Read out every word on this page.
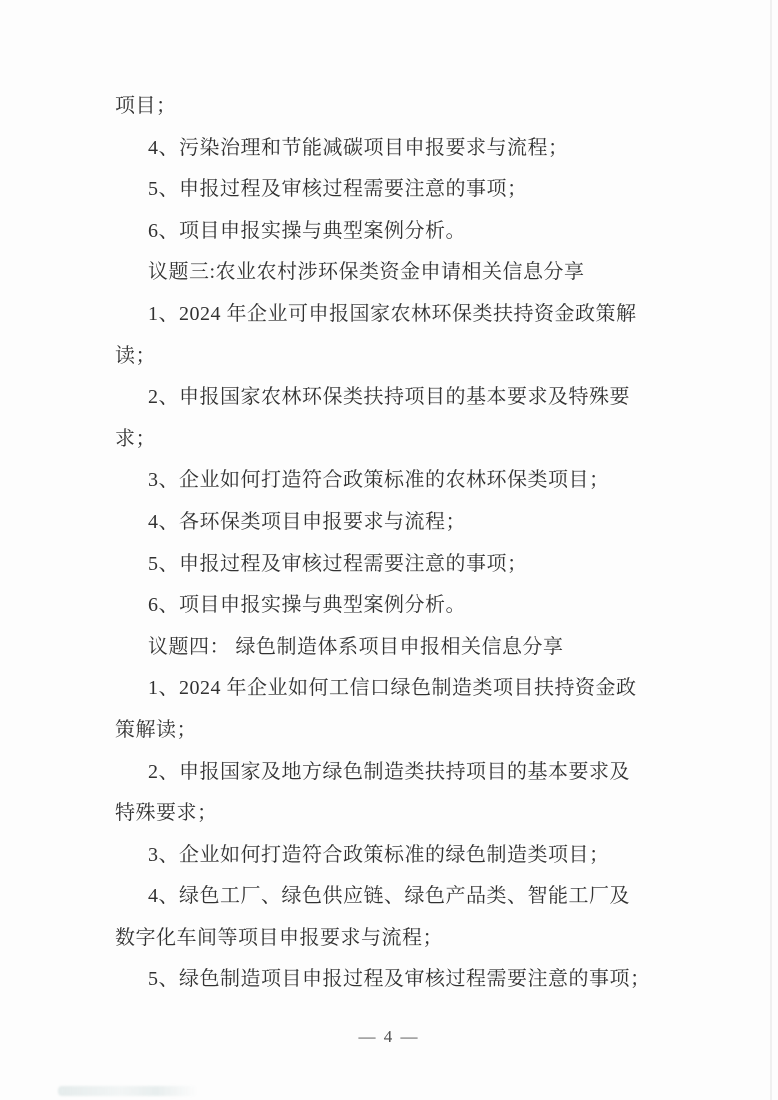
项目；
4、污染治理和节能减碳项目申报要求与流程；
5、申报过程及审核过程需要注意的事项；
6、项目申报实操与典型案例分析。
议题三:农业农村涉环保类资金申请相关信息分享
1、2024 年企业可申报国家农林环保类扶持资金政策解
读；
2、申报国家农林环保类扶持项目的基本要求及特殊要
求；
3、企业如何打造符合政策标准的农林环保类项目；
4、各环保类项目申报要求与流程；
5、申报过程及审核过程需要注意的事项；
6、项目申报实操与典型案例分析。
议题四： 绿色制造体系项目申报相关信息分享
1、2024 年企业如何工信口绿色制造类项目扶持资金政
策解读；
2、申报国家及地方绿色制造类扶持项目的基本要求及
特殊要求；
3、企业如何打造符合政策标准的绿色制造类项目；
4、绿色工厂、绿色供应链、绿色产品类、智能工厂及
数字化车间等项目申报要求与流程；
5、绿色制造项目申报过程及审核过程需要注意的事项；
— 4 —
